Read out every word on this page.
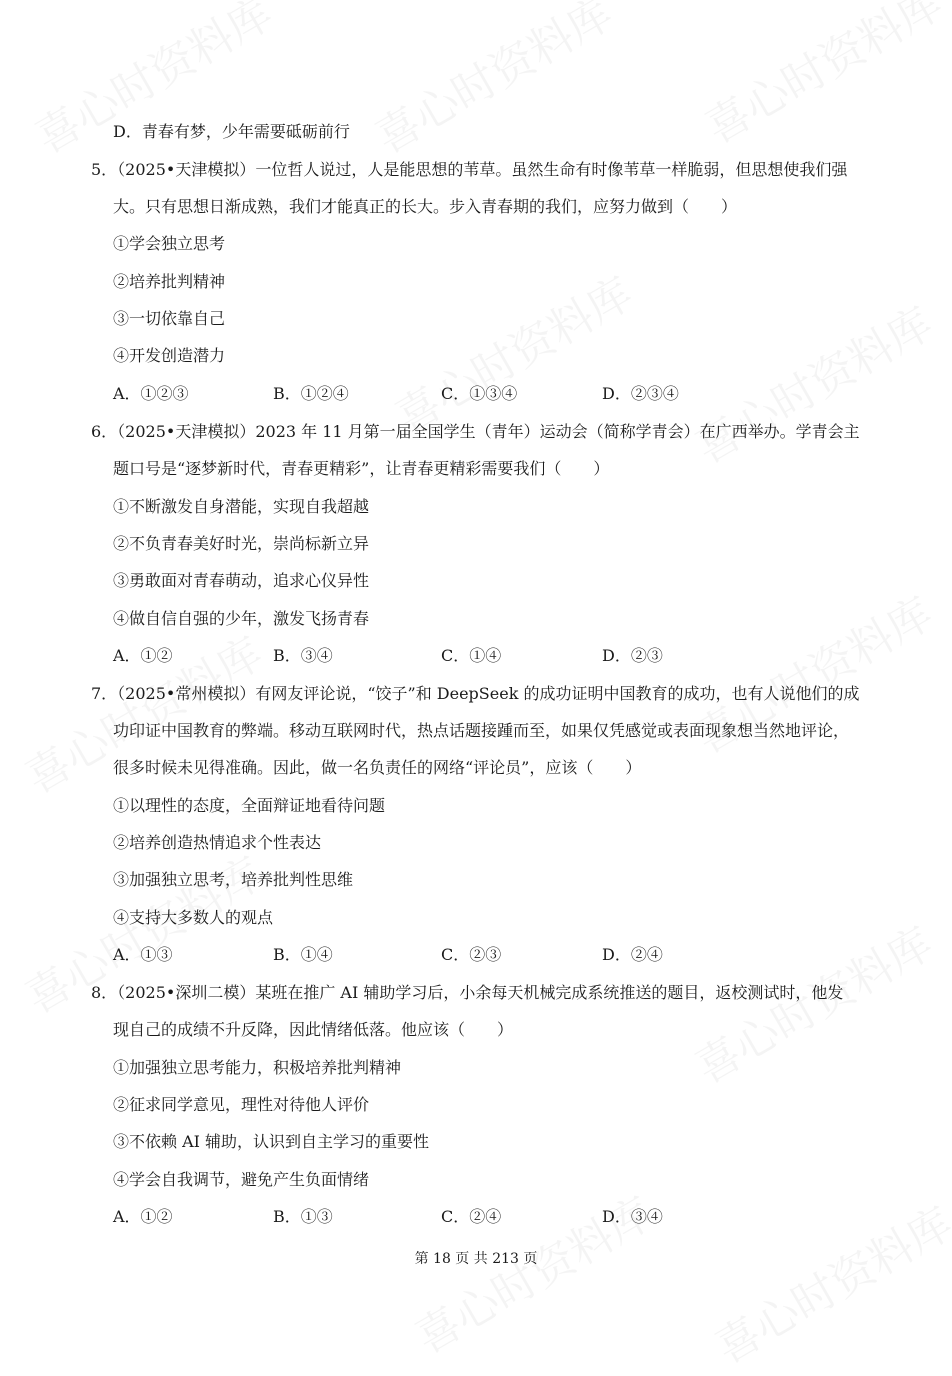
D．青春有梦，少年需要砥砺前行
5．（2025•天津模拟）一位哲人说过，人是能思想的苇草。虽然生命有时像苇草一样脆弱，但思想使我们强
大。只有思想日渐成熟，我们才能真正的长大。步入青春期的我们，应努力做到（　　）
①学会独立思考
②培养批判精神
③一切依靠自己
④开发创造潜力
A．①②③	B．①②④	C．①③④	D．②③④
6．（2025•天津模拟）2023 年 11 月第一届全国学生（青年）运动会（简称学青会）在广西举办。学青会主
题口号是“逐梦新时代，青春更精彩”，让青春更精彩需要我们（　　）
①不断激发自身潜能，实现自我超越
②不负青春美好时光，崇尚标新立异
③勇敢面对青春萌动，追求心仪异性
④做自信自强的少年，激发飞扬青春
A．①②	B．③④	C．①④	D．②③
7．（2025•常州模拟）有网友评论说，“饺子”和 DeepSeek 的成功证明中国教育的成功，也有人说他们的成
功印证中国教育的弊端。移动互联网时代，热点话题接踵而至，如果仅凭感觉或表面现象想当然地评论，
很多时候未见得准确。因此，做一名负责任的网络“评论员”，应该（　　）
①以理性的态度，全面辩证地看待问题
②培养创造热情追求个性表达
③加强独立思考，培养批判性思维
④支持大多数人的观点
A．①③	B．①④	C．②③	D．②④
8．（2025•深圳二模）某班在推广 AI 辅助学习后，小余每天机械完成系统推送的题目，返校测试时，他发
现自己的成绩不升反降，因此情绪低落。他应该（　　）
①加强独立思考能力，积极培养批判精神
②征求同学意见，理性对待他人评价
③不依赖 AI 辅助，认识到自主学习的重要性
④学会自我调节，避免产生负面情绪
A．①②	B．①③	C．②④	D．③④
第 18 页 共 213 页
